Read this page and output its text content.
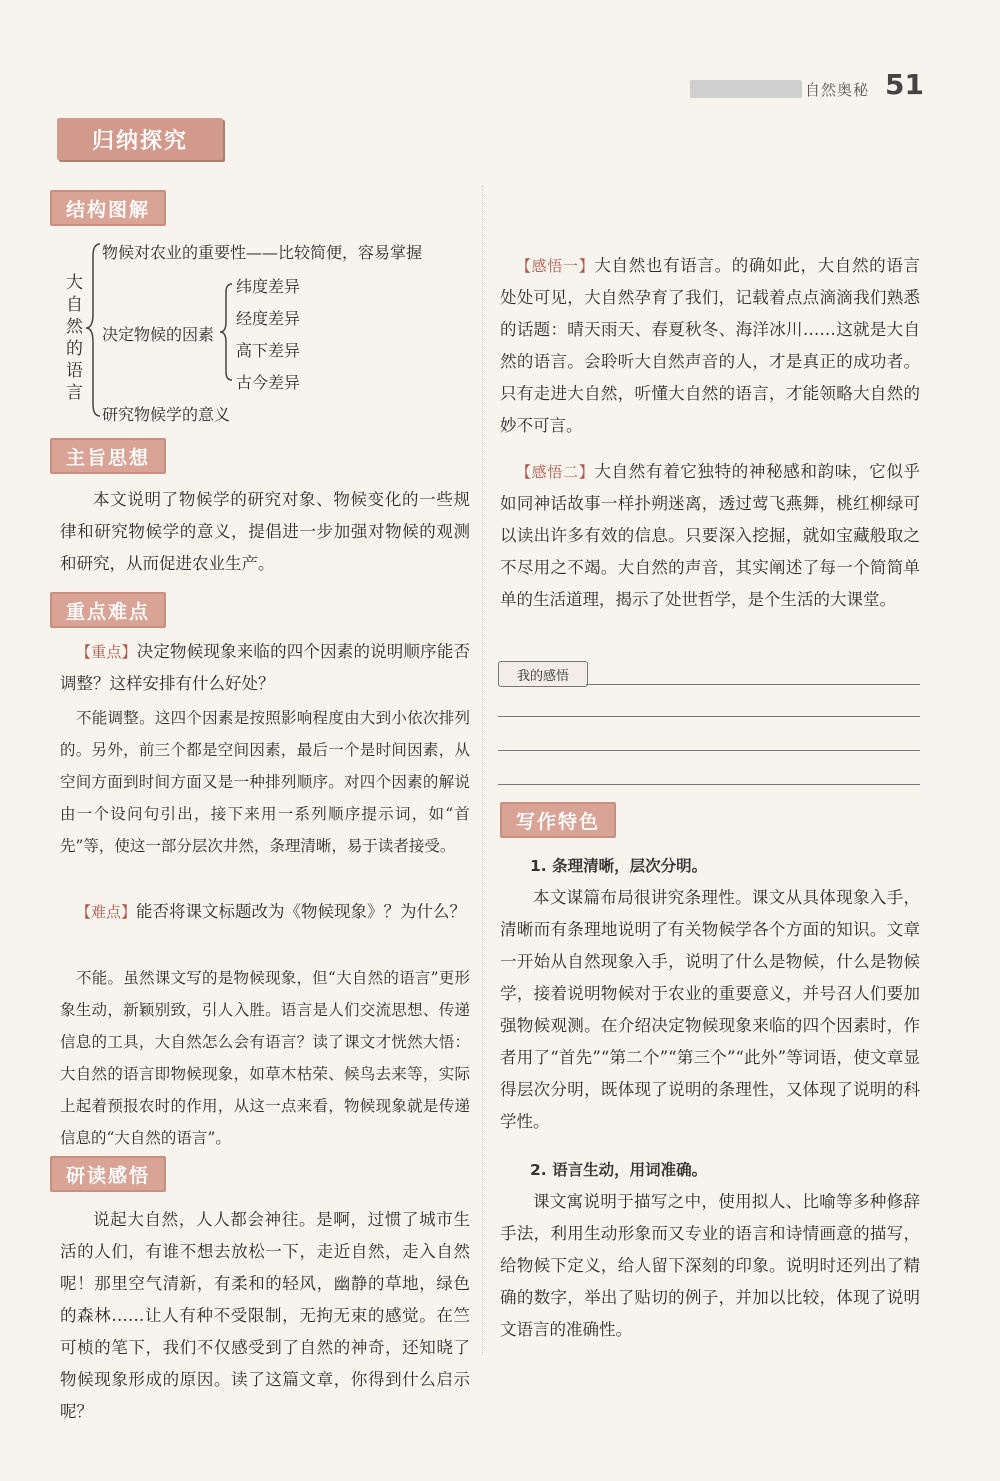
自然奥秘 51
归纳探究
结构图解
大自然的语言
物候对农业的重要性——比较简便，容易掌握
决定物候的因素
纬度差异
经度差异
高下差异
古今差异
研究物候学的意义
主旨思想

本文说明了物候学的研究对象、物候变化的一些规律和研究物候学的意义，提倡进一步加强对物候的观测和研究，从而促进农业生产。

重点难点

【重点】决定物候现象来临的四个因素的说明顺序能否调整？这样安排有什么好处？

不能调整。这四个因素是按照影响程度由大到小依次排列的。另外，前三个都是空间因素，最后一个是时间因素，从空间方面到时间方面又是一种排列顺序。对四个因素的解说由一个设问句引出，接下来用一系列顺序提示词，如“首先”等，使这一部分层次井然，条理清晰，易于读者接受。

【难点】能否将课文标题改为《物候现象》？为什么？

不能。虽然课文写的是物候现象，但“大自然的语言”更形象生动，新颖别致，引人入胜。语言是人们交流思想、传递信息的工具，大自然怎么会有语言？读了课文才恍然大悟：大自然的语言即物候现象，如草木枯荣、候鸟去来等，实际上起着预报农时的作用，从这一点来看，物候现象就是传递信息的“大自然的语言”。

研读感悟

说起大自然，人人都会神往。是啊，过惯了城市生活的人们，有谁不想去放松一下，走近自然，走入自然呢！那里空气清新，有柔和的轻风，幽静的草地，绿色的森林……让人有种不受限制，无拘无束的感觉。在竺可桢的笔下，我们不仅感受到了自然的神奇，还知晓了物候现象形成的原因。读了这篇文章，你得到什么启示呢？

【感悟一】大自然也有语言。的确如此，大自然的语言处处可见，大自然孕育了我们，记载着点点滴滴我们熟悉的话题：晴天雨天、春夏秋冬、海洋冰川……这就是大自然的语言。会聆听大自然声音的人，才是真正的成功者。只有走进大自然，听懂大自然的语言，才能领略大自然的妙不可言。

【感悟二】大自然有着它独特的神秘感和韵味，它似乎如同神话故事一样扑朔迷离，透过莺飞燕舞，桃红柳绿可以读出许多有效的信息。只要深入挖掘，就如宝藏般取之不尽用之不竭。大自然的声音，其实阐述了每一个简简单单的生活道理，揭示了处世哲学，是个生活的大课堂。

我的感悟
写作特色
1. 条理清晰，层次分明。

本文谋篇布局很讲究条理性。课文从具体现象入手，清晰而有条理地说明了有关物候学各个方面的知识。文章一开始从自然现象入手，说明了什么是物候，什么是物候学，接着说明物候对于农业的重要意义，并号召人们要加强物候观测。在介绍决定物候现象来临的四个因素时，作者用了“首先”“第二个”“第三个”“此外”等词语，使文章显得层次分明，既体现了说明的条理性，又体现了说明的科学性。

2. 语言生动，用词准确。

课文寓说明于描写之中，使用拟人、比喻等多种修辞手法，利用生动形象而又专业的语言和诗情画意的描写，给物候下定义，给人留下深刻的印象。说明时还列出了精确的数字，举出了贴切的例子，并加以比较，体现了说明文语言的准确性。
